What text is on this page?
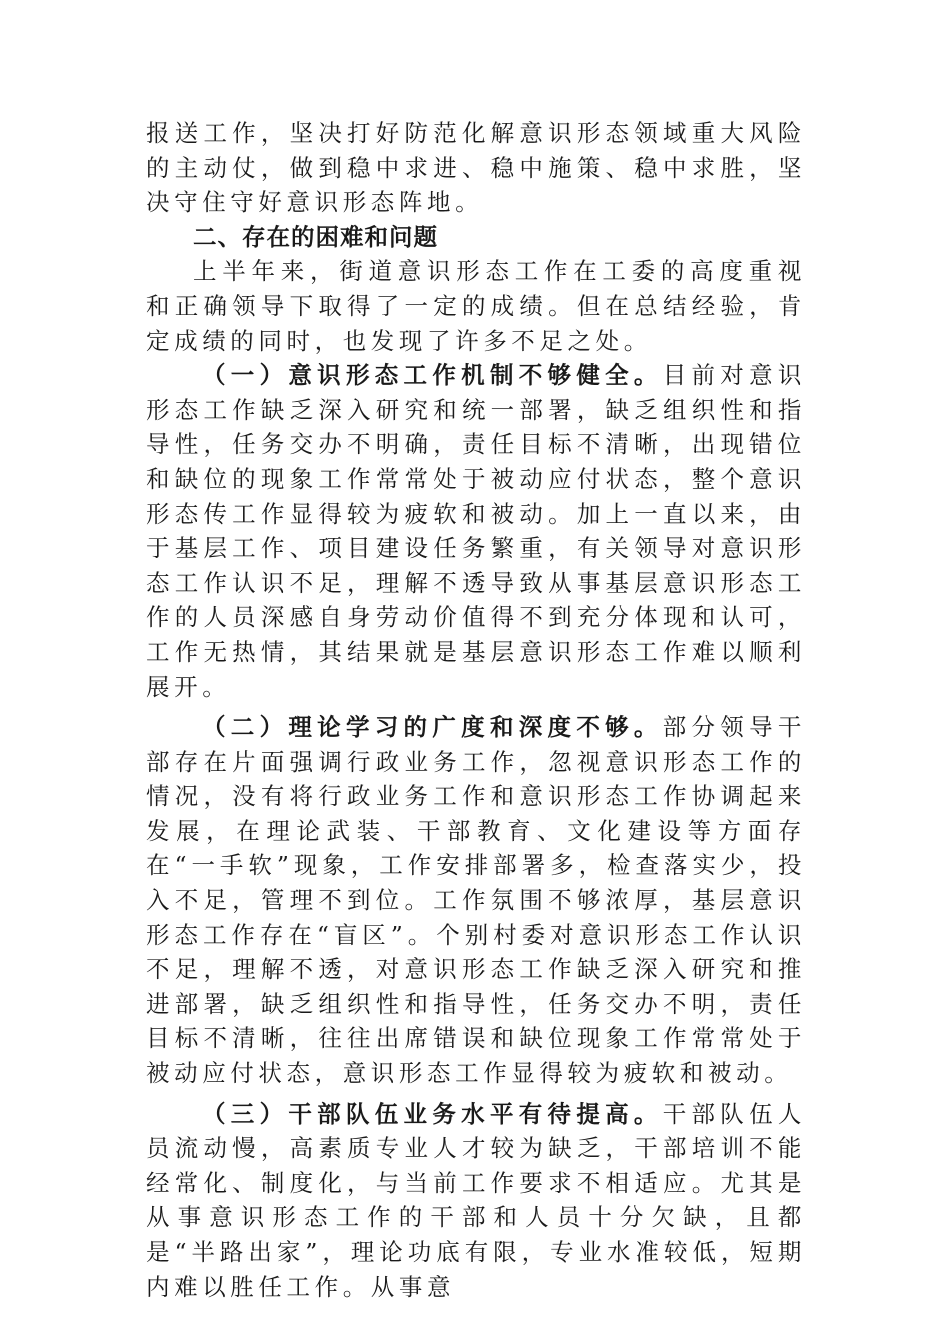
报送工作，坚决打好防范化解意识形态领域重大风险的主动仗，做到稳中求进、稳中施策、稳中求胜，坚决守住守好意识形态阵地。

二、存在的困难和问题

上半年来，街道意识形态工作在工委的高度重视和正确领导下取得了一定的成绩。但在总结经验，肯定成绩的同时，也发现了许多不足之处。

（一）意识形态工作机制不够健全。目前对意识形态工作缺乏深入研究和统一部署，缺乏组织性和指导性，任务交办不明确，责任目标不清晰，出现错位和缺位的现象工作常常处于被动应付状态，整个意识形态传工作显得较为疲软和被动。加上一直以来，由于基层工作、项目建设任务繁重，有关领导对意识形态工作认识不足，理解不透导致从事基层意识形态工作的人员深感自身劳动价值得不到充分体现和认可，工作无热情，其结果就是基层意识形态工作难以顺利展开。

（二）理论学习的广度和深度不够。部分领导干部存在片面强调行政业务工作，忽视意识形态工作的情况，没有将行政业务工作和意识形态工作协调起来发展，在理论武装、干部教育、文化建设等方面存在“一手软”现象，工作安排部署多，检查落实少，投入不足，管理不到位。工作氛围不够浓厚，基层意识形态工作存在“盲区”。个别村委对意识形态工作认识不足，理解不透，对意识形态工作缺乏深入研究和推进部署，缺乏组织性和指导性，任务交办不明，责任目标不清晰，往往出席错误和缺位现象工作常常处于被动应付状态，意识形态工作显得较为疲软和被动。

（三）干部队伍业务水平有待提高。干部队伍人员流动慢，高素质专业人才较为缺乏，干部培训不能经常化、制度化，与当前工作要求不相适应。尤其是从事意识形态工作的干部和人员十分欠缺，且都是“半路出家”，理论功底有限，专业水准较低，短期内难以胜任工作。从事意
